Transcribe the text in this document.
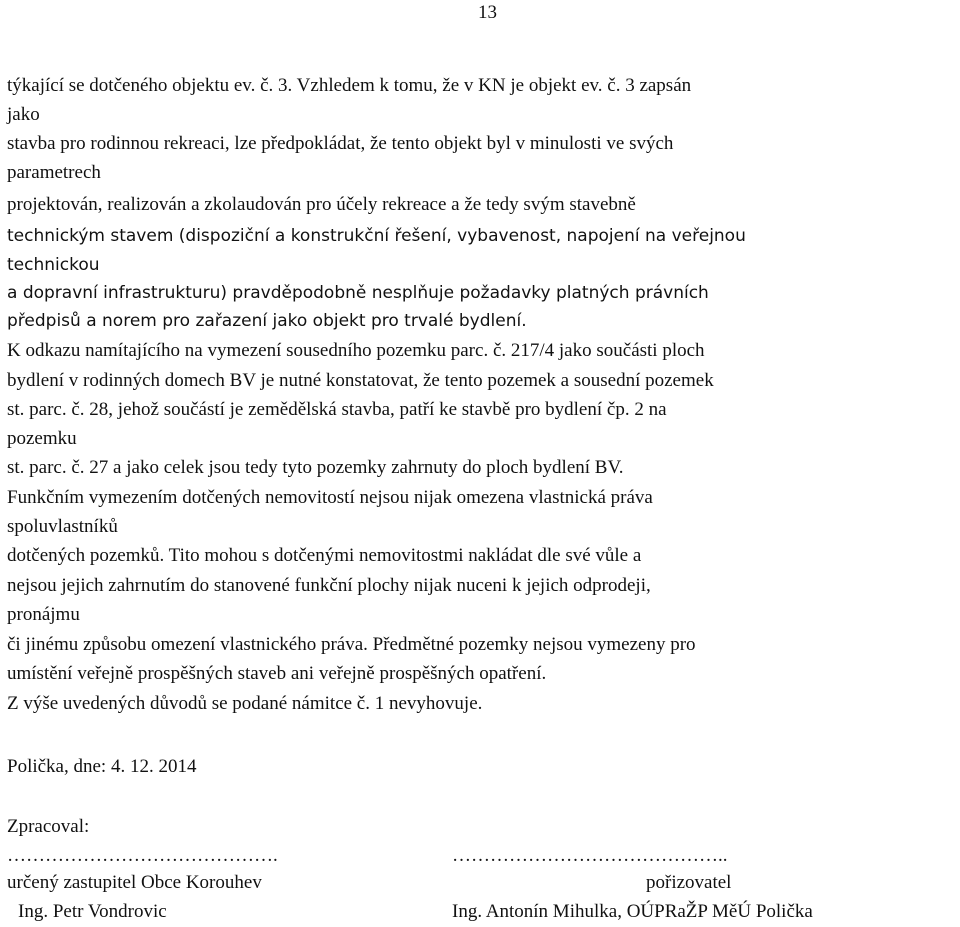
13
týkající se dotčeného objektu ev. č. 3. Vzhledem k tomu, že v KN je objekt ev. č. 3 zapsán
jako
stavba pro rodinnou rekreaci, lze předpokládat, že tento objekt byl v minulosti ve svých
parametrech
projektován, realizován a zkolaudován pro účely rekreace a že tedy svým stavebně
technickým stavem (dispoziční a konstrukční řešení, vybavenost, napojení na veřejnou
technickou
a dopravní infrastrukturu) pravděpodobně nesplňuje požadavky platných právních
předpisů a norem pro zařazení jako objekt pro trvalé bydlení.
K odkazu namítajícího na vymezení sousedního pozemku parc. č. 217/4 jako součásti ploch
bydlení v rodinných domech BV je nutné konstatovat, že tento pozemek a sousední pozemek
st. parc. č. 28, jehož součástí je zemědělská stavba, patří ke stavbě pro bydlení čp. 2 na
pozemku
st. parc. č. 27 a jako celek jsou tedy tyto pozemky zahrnuty do ploch bydlení BV.
Funkčním vymezením dotčených nemovitostí nejsou nijak omezena vlastnická práva
spoluvlastníků
dotčených pozemků. Tito mohou s dotčenými nemovitostmi nakládat dle své vůle a
nejsou jejich zahrnutím do stanovené funkční plochy nijak nuceni k jejich odprodeji,
pronájmu
či jinému způsobu omezení vlastnického práva. Předmětné pozemky nejsou vymezeny pro
umístění veřejně prospěšných staveb ani veřejně prospěšných opatření.
Z výše uvedených důvodů se podané námitce č. 1 nevyhovuje.
Polička, dne: 4. 12. 2014
Zpracoval:
…………………………………….	……………………………………..
určený zastupitel Obce Korouhev	pořizovatel
Ing. Petr Vondrovic	Ing. Antonín Mihulka, OÚPRaŽP MěÚ Polička
